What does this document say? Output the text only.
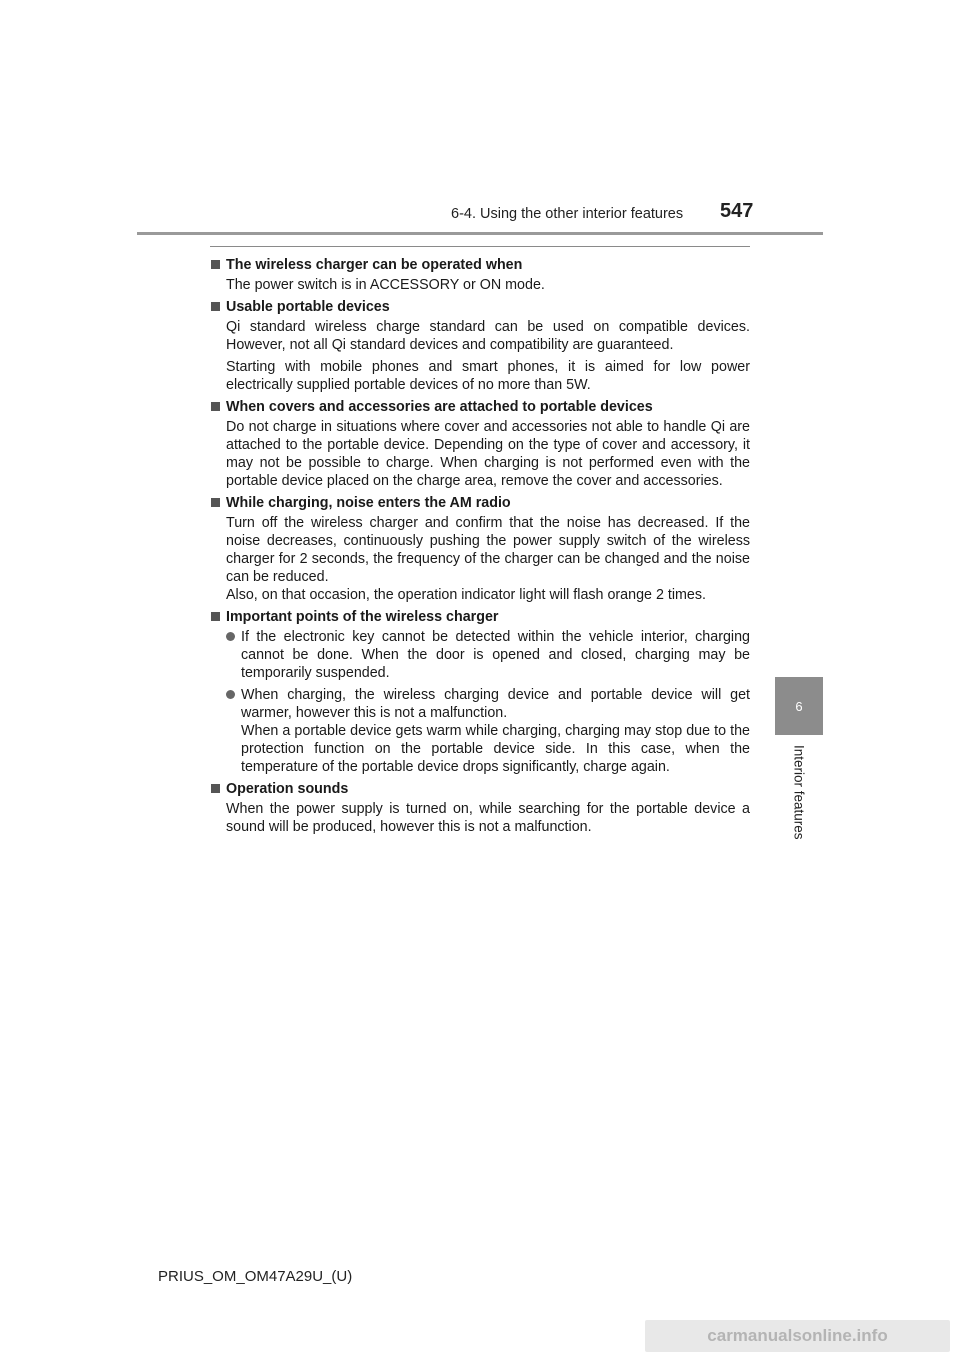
6-4. Using the other interior features 547
6
Interior features
The wireless charger can be operated when
The power switch is in ACCESSORY or ON mode.
Usable portable devices
Qi standard wireless charge standard can be used on compatible devices. However, not all Qi standard devices and compatibility are guaranteed.
Starting with mobile phones and smart phones, it is aimed for low power electrically supplied portable devices of no more than 5W.
When covers and accessories are attached to portable devices
Do not charge in situations where cover and accessories not able to handle Qi are attached to the portable device. Depending on the type of cover and accessory, it may not be possible to charge. When charging is not performed even with the portable device placed on the charge area, remove the cover and accessories.
While charging, noise enters the AM radio
Turn off the wireless charger and confirm that the noise has decreased. If the noise decreases, continuously pushing the power supply switch of the wireless charger for 2 seconds, the frequency of the charger can be changed and the noise can be reduced.
Also, on that occasion, the operation indicator light will flash orange 2 times.
Important points of the wireless charger
If the electronic key cannot be detected within the vehicle interior, charging cannot be done. When the door is opened and closed, charging may be temporarily suspended.
When charging, the wireless charging device and portable device will get warmer, however this is not a malfunction.
When a portable device gets warm while charging, charging may stop due to the protection function on the portable device side. In this case, when the temperature of the portable device drops significantly, charge again.
Operation sounds
When the power supply is turned on, while searching for the portable device a sound will be produced, however this is not a malfunction.
PRIUS_OM_OM47A29U_(U)
carmanualsonline.info
